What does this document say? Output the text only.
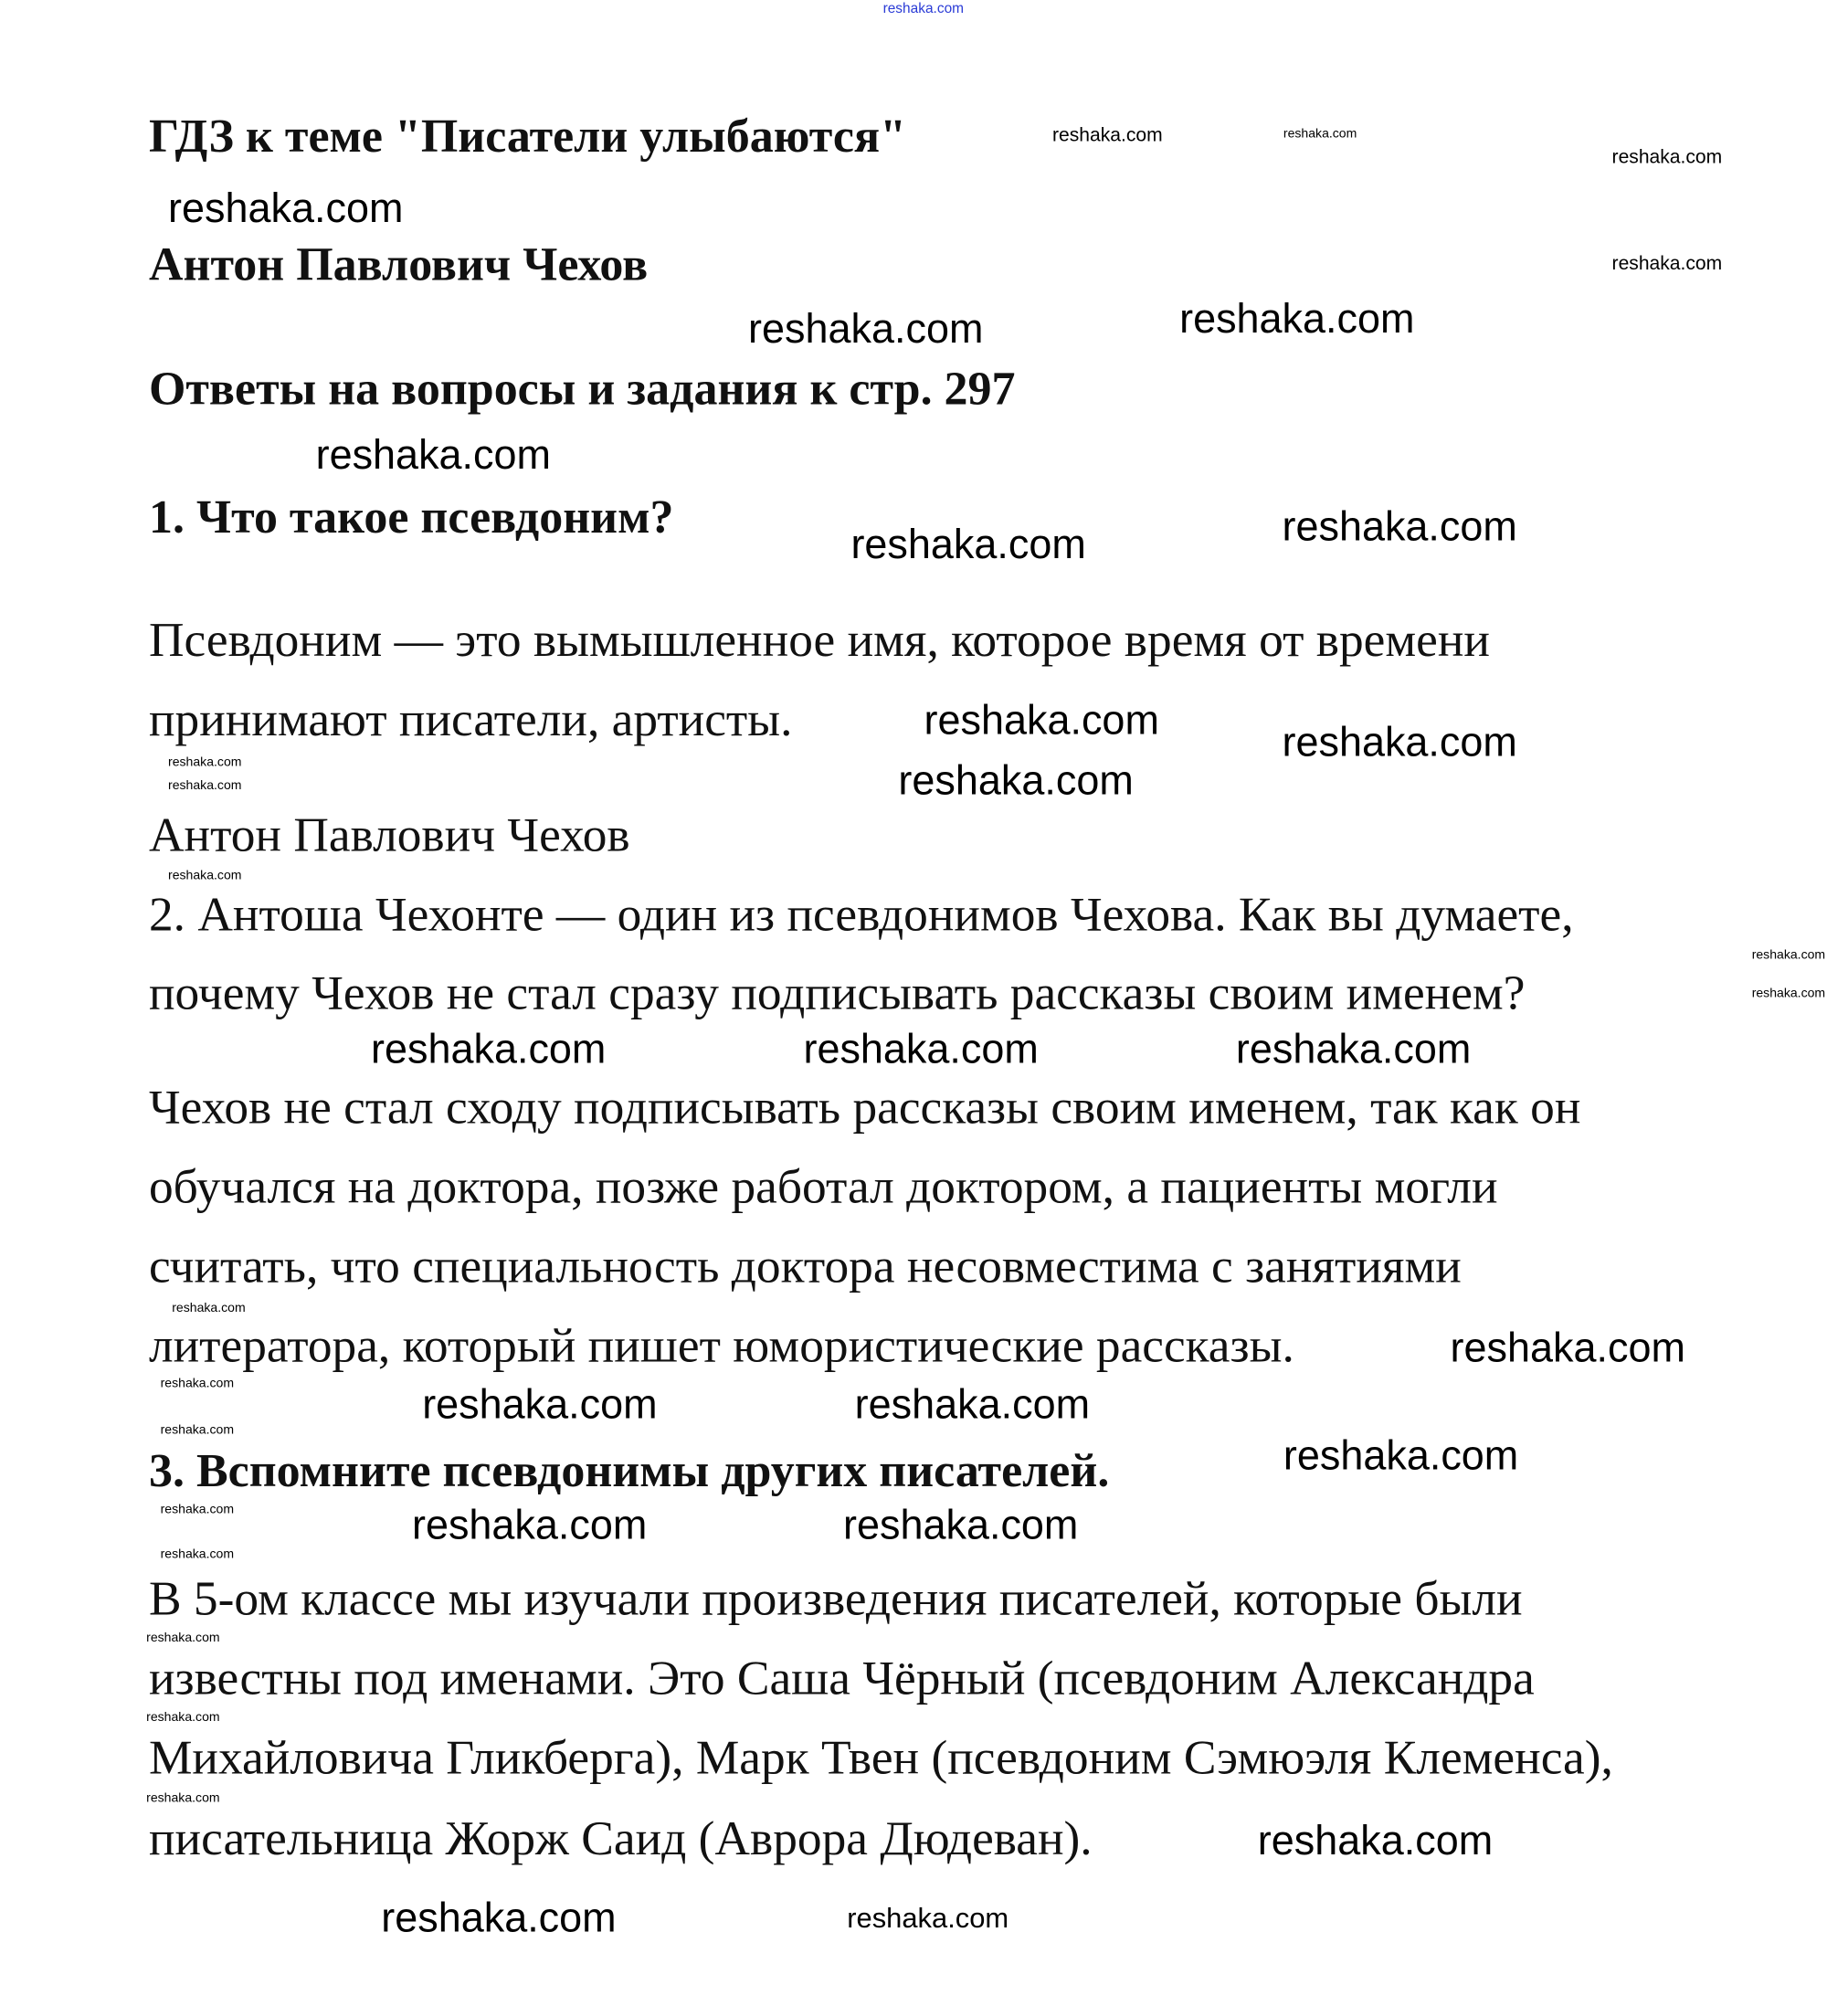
ГДЗ к теме "Писатели улыбаются"
Антон Павлович Чехов
Ответы на вопросы и задания к стр. 297
1. Что такое псевдоним?
Псевдоним — это вымышленное имя, которое время от времени
принимают писатели, артисты.
Антон Павлович Чехов
2. Антоша Чехонте — один из псевдонимов Чехова. Как вы думаете,
почему Чехов не стал сразу подписывать рассказы своим именем?
Чехов не стал сходу подписывать рассказы своим именем, так как он
обучался на доктора, позже работал доктором, а пациенты могли
считать, что специальность доктора несовместима с занятиями
литератора, который пишет юмористические рассказы.
3. Вспомните псевдонимы других писателей.
В 5-ом классе мы изучали произведения писателей, которые были
известны под именами. Это Саша Чёрный (псевдоним Александра
Михайловича Гликберга), Марк Твен (псевдоним Сэмюэля Клеменса),
писательница Жорж Саид (Аврора Дюдеван).
reshaka.com
reshaka.com	reshaka.com
reshaka.com
reshaka.com
reshaka.com
reshaka.com	reshaka.com
reshaka.com
reshaka.com	reshaka.com
reshaka.com
reshaka.com
reshaka.com
reshaka.com
reshaka.com
reshaka.com
reshaka.com
reshaka.com
reshaka.com	reshaka.com	reshaka.com
reshaka.com
reshaka.com
reshaka.com	reshaka.com	reshaka.com
reshaka.com
reshaka.com
reshaka.com	reshaka.com	reshaka.com
reshaka.com
reshaka.com
reshaka.com
reshaka.com
reshaka.com
reshaka.com	reshaka.com
